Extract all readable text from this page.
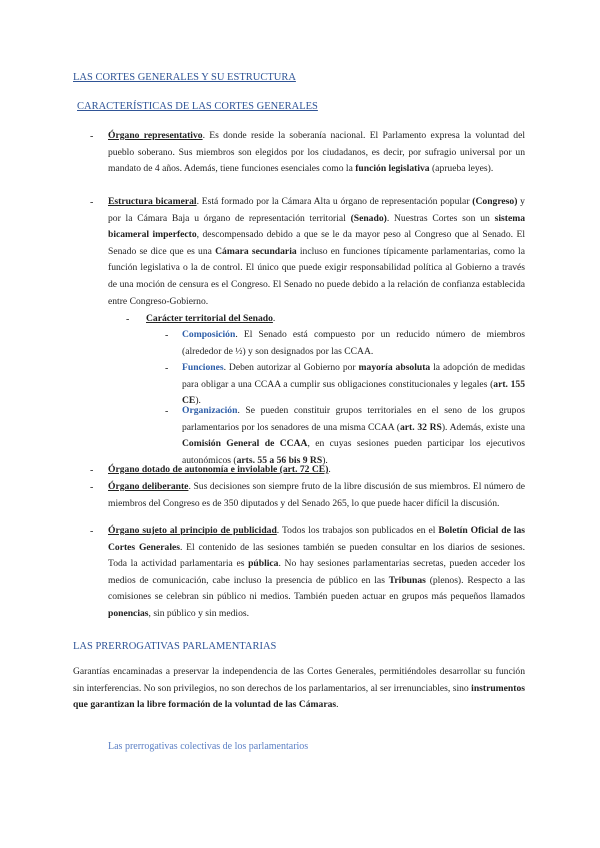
LAS CORTES GENERALES Y SU ESTRUCTURA
CARACTERÍSTICAS DE LAS CORTES GENERALES
- Órgano representativo. Es donde reside la soberanía nacional. El Parlamento expresa la voluntad del pueblo soberano. Sus miembros son elegidos por los ciudadanos, es decir, por sufragio universal por un mandato de 4 años. Además, tiene funciones esenciales como la función legislativa (aprueba leyes).

- Estructura bicameral. Está formado por la Cámara Alta u órgano de representación popular (Congreso) y por la Cámara Baja u órgano de representación territorial (Senado). Nuestras Cortes son un sistema bicameral imperfecto, descompensado debido a que se le da mayor peso al Congreso que al Senado. El Senado se dice que es una Cámara secundaria incluso en funciones típicamente parlamentarias, como la función legislativa o la de control. El único que puede exigir responsabilidad política al Gobierno a través de una moción de censura es el Congreso. El Senado no puede debido a la relación de confianza establecida entre Congreso-Gobierno.

- Carácter territorial del Senado.

- Composición. El Senado está compuesto por un reducido número de miembros (alrededor de ½) y son designados por las CCAA.

- Funciones. Deben autorizar al Gobierno por mayoría absoluta la adopción de medidas para obligar a una CCAA a cumplir sus obligaciones constitucionales y legales (art. 155 CE).

- Organización. Se pueden constituir grupos territoriales en el seno de los grupos parlamentarios por los senadores de una misma CCAA (art. 32 RS). Además, existe una Comisión General de CCAA, en cuyas sesiones pueden participar los ejecutivos autonómicos (arts. 55 a 56 bis 9 RS).

- Órgano dotado de autonomía e inviolable (art. 72 CE).

- Órgano deliberante. Sus decisiones son siempre fruto de la libre discusión de sus miembros. El número de miembros del Congreso es de 350 diputados y del Senado 265, lo que puede hacer difícil la discusión.

- Órgano sujeto al principio de publicidad. Todos los trabajos son publicados en el Boletín Oficial de las Cortes Generales. El contenido de las sesiones también se pueden consultar en los diarios de sesiones. Toda la actividad parlamentaria es pública. No hay sesiones parlamentarias secretas, pueden acceder los medios de comunicación, cabe incluso la presencia de público en las Tribunas (plenos). Respecto a las comisiones se celebran sin público ni medios. También pueden actuar en grupos más pequeños llamados ponencias, sin público y sin medios.

LAS PRERROGATIVAS PARLAMENTARIAS

Garantías encaminadas a preservar la independencia de las Cortes Generales, permitiéndoles desarrollar su función sin interferencias. No son privilegios, no son derechos de los parlamentarios, al ser irrenunciables, sino instrumentos que garantizan la libre formación de la voluntad de las Cámaras.

Las prerrogativas colectivas de los parlamentarios
